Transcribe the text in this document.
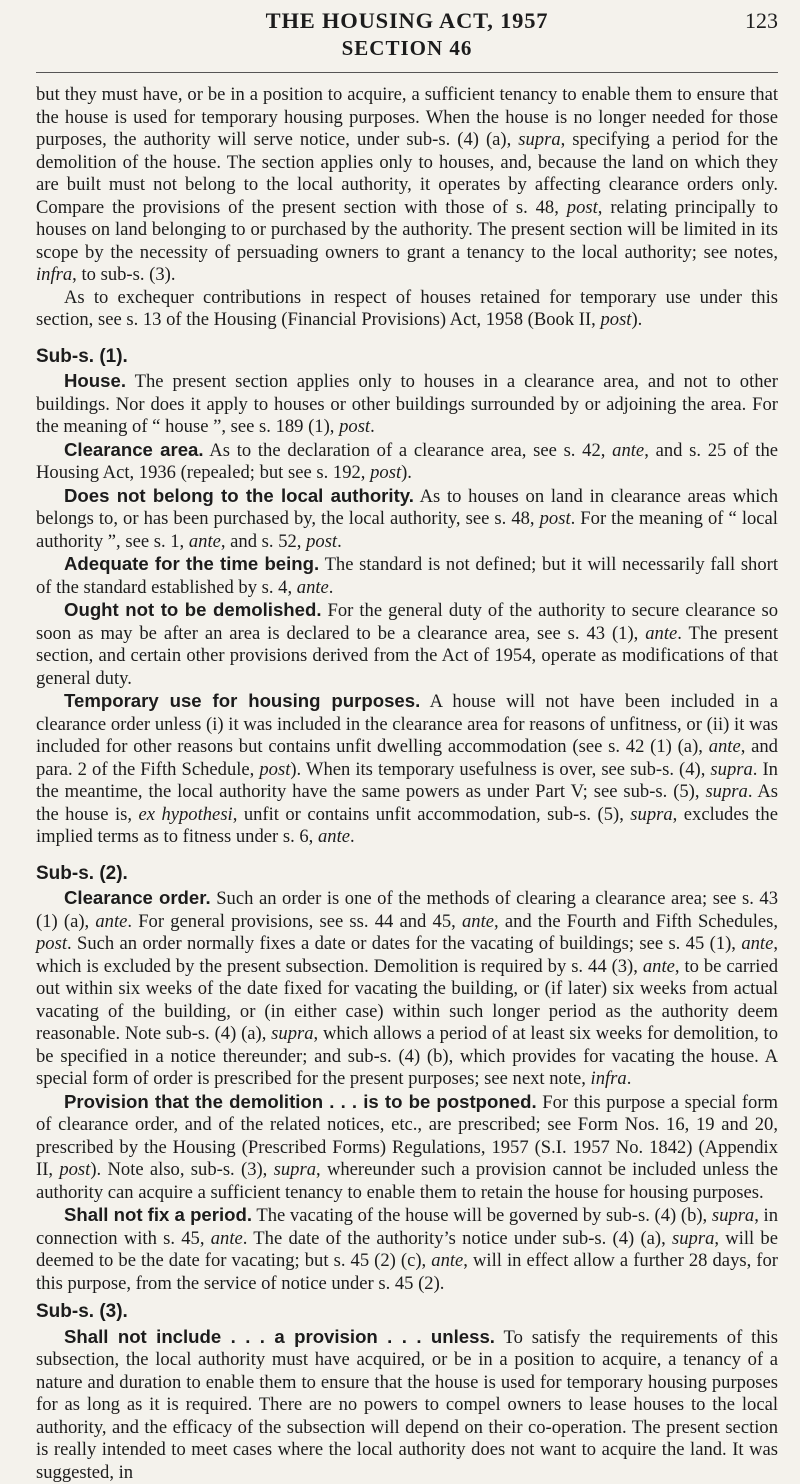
THE HOUSING ACT, 1957	123
SECTION 46

but they must have, or be in a position to acquire, a sufficient tenancy to enable them to ensure that the house is used for temporary housing purposes. When the house is no longer needed for those purposes, the authority will serve notice, under sub-s. (4) (a), supra, specifying a period for the demolition of the house. The section applies only to houses, and, because the land on which they are built must not belong to the local authority, it operates by affecting clearance orders only. Compare the provisions of the present section with those of s. 48, post, relating principally to houses on land belonging to or purchased by the authority. The present section will be limited in its scope by the necessity of persuading owners to grant a tenancy to the local authority; see notes, infra, to sub-s. (3).

As to exchequer contributions in respect of houses retained for temporary use under this section, see s. 13 of the Housing (Financial Provisions) Act, 1958 (Book II, post).

Sub-s. (1).

House. The present section applies only to houses in a clearance area, and not to other buildings. Nor does it apply to houses or other buildings surrounded by or adjoining the area. For the meaning of “ house ”, see s. 189 (1), post.

Clearance area. As to the declaration of a clearance area, see s. 42, ante, and s. 25 of the Housing Act, 1936 (repealed; but see s. 192, post).

Does not belong to the local authority. As to houses on land in clearance areas which belongs to, or has been purchased by, the local authority, see s. 48, post. For the meaning of “ local authority ”, see s. 1, ante, and s. 52, post.

Adequate for the time being. The standard is not defined; but it will necessarily fall short of the standard established by s. 4, ante.

Ought not to be demolished. For the general duty of the authority to secure clearance so soon as may be after an area is declared to be a clearance area, see s. 43 (1), ante. The present section, and certain other provisions derived from the Act of 1954, operate as modifications of that general duty.

Temporary use for housing purposes. A house will not have been included in a clearance order unless (i) it was included in the clearance area for reasons of unfitness, or (ii) it was included for other reasons but contains unfit dwelling accommodation (see s. 42 (1) (a), ante, and para. 2 of the Fifth Schedule, post). When its temporary usefulness is over, see sub-s. (4), supra. In the meantime, the local authority have the same powers as under Part V; see sub-s. (5), supra. As the house is, ex hypothesi, unfit or contains unfit accommodation, sub-s. (5), supra, excludes the implied terms as to fitness under s. 6, ante.

Sub-s. (2).

Clearance order. Such an order is one of the methods of clearing a clearance area; see s. 43 (1) (a), ante. For general provisions, see ss. 44 and 45, ante, and the Fourth and Fifth Schedules, post. Such an order normally fixes a date or dates for the vacating of buildings; see s. 45 (1), ante, which is excluded by the present subsection. Demolition is required by s. 44 (3), ante, to be carried out within six weeks of the date fixed for vacating the building, or (if later) six weeks from actual vacating of the building, or (in either case) within such longer period as the authority deem reasonable. Note sub-s. (4) (a), supra, which allows a period of at least six weeks for demolition, to be specified in a notice thereunder; and sub-s. (4) (b), which provides for vacating the house. A special form of order is prescribed for the present purposes; see next note, infra.

Provision that the demolition . . . is to be postponed. For this purpose a special form of clearance order, and of the related notices, etc., are prescribed; see Form Nos. 16, 19 and 20, prescribed by the Housing (Prescribed Forms) Regulations, 1957 (S.I. 1957 No. 1842) (Appendix II, post). Note also, sub-s. (3), supra, whereunder such a provision cannot be included unless the authority can acquire a sufficient tenancy to enable them to retain the house for housing purposes.

Shall not fix a period. The vacating of the house will be governed by sub-s. (4) (b), supra, in connection with s. 45, ante. The date of the authority’s notice under sub-s. (4) (a), supra, will be deemed to be the date for vacating; but s. 45 (2) (c), ante, will in effect allow a further 28 days, for this purpose, from the service of notice under s. 45 (2).

Sub-s. (3).

Shall not include . . . a provision . . . unless. To satisfy the requirements of this subsection, the local authority must have acquired, or be in a position to acquire, a tenancy of a nature and duration to enable them to ensure that the house is used for temporary housing purposes for as long as it is required. There are no powers to compel owners to lease houses to the local authority, and the efficacy of the subsection will depend on their co-operation. The present section is really intended to meet cases where the local authority does not want to acquire the land. It was suggested, in
